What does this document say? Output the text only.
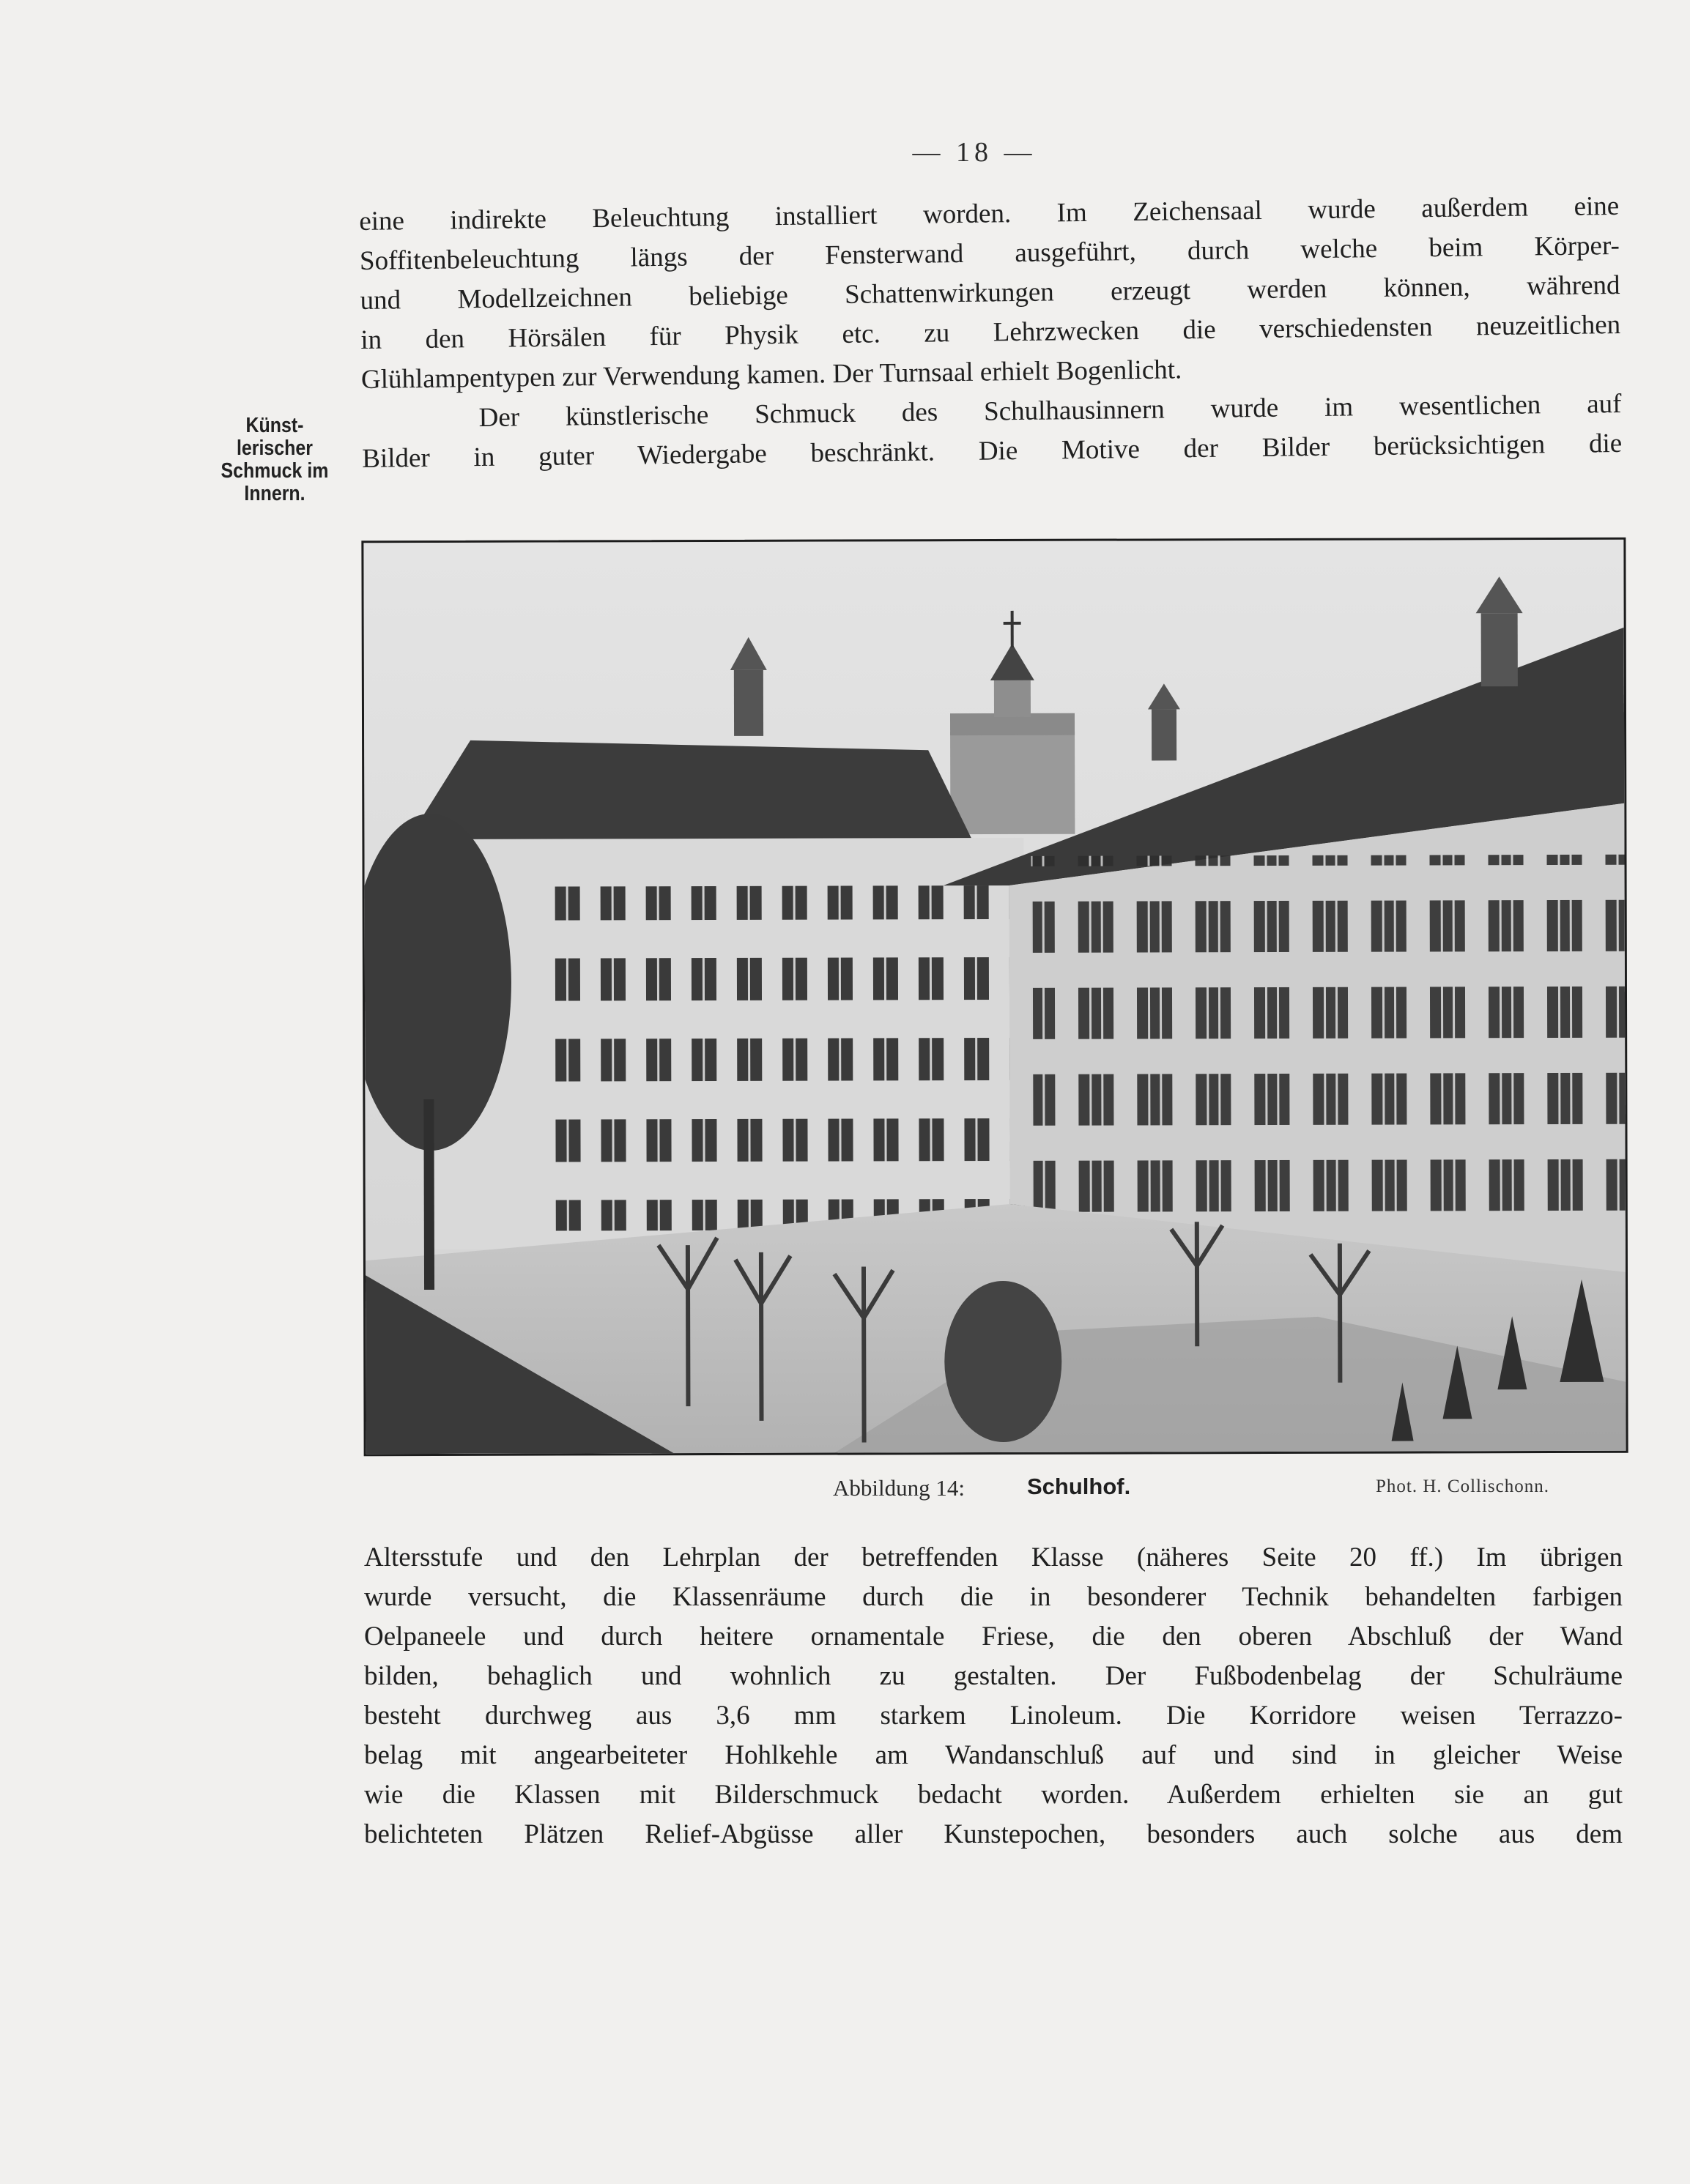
— 18 —
eine indirekte Beleuchtung installiert worden. Im Zeichensaal wurde außerdem eine
Soffitenbeleuchtung längs der Fensterwand ausgeführt, durch welche beim Körper-
und Modellzeichnen beliebige Schattenwirkungen erzeugt werden können, während
in den Hörsälen für Physik etc. zu Lehrzwecken die verschiedensten neuzeitlichen
Glühlampentypen zur Verwendung kamen. Der Turnsaal erhielt Bogenlicht.
Der künstlerische Schmuck des Schulhausinnern wurde im wesentlichen auf
Bilder in guter Wiedergabe beschränkt. Die Motive der Bilder berücksichtigen die
Künst-
lerischer
Schmuck im
Innern.
Abbildung 14:	Schulhof.	Phot. H. Collischonn.
Altersstufe und den Lehrplan der betreffenden Klasse (näheres Seite 20 ff.) Im übrigen
wurde versucht, die Klassenräume durch die in besonderer Technik behandelten farbigen
Oelpaneele und durch heitere ornamentale Friese, die den oberen Abschluß der Wand
bilden, behaglich und wohnlich zu gestalten. Der Fußbodenbelag der Schulräume
besteht durchweg aus 3,6 mm starkem Linoleum. Die Korridore weisen Terrazzo-
belag mit angearbeiteter Hohlkehle am Wandanschluß auf und sind in gleicher Weise
wie die Klassen mit Bilderschmuck bedacht worden. Außerdem erhielten sie an gut
belichteten Plätzen Relief-Abgüsse aller Kunstepochen, besonders auch solche aus dem
